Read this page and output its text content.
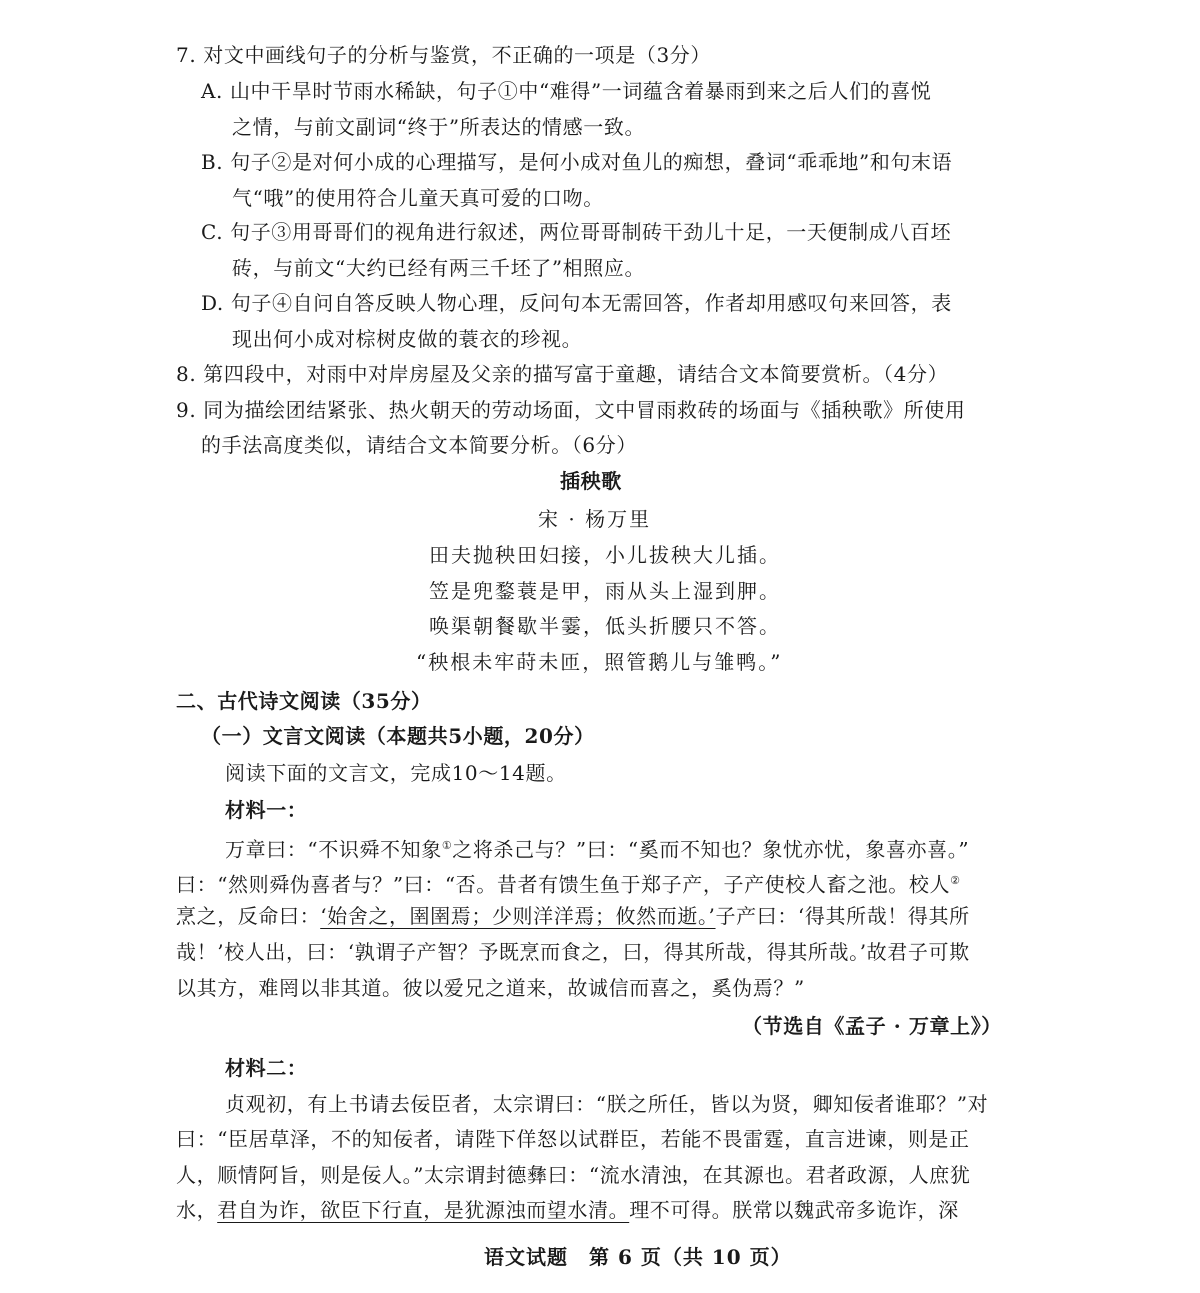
7. 对文中画线句子的分析与鉴赏，不正确的一项是（3分）
A. 山中干旱时节雨水稀缺，句子①中“难得”一词蕴含着暴雨到来之后人们的喜悦
之情，与前文副词“终于”所表达的情感一致。
B. 句子②是对何小成的心理描写，是何小成对鱼儿的痴想，叠词“乖乖地”和句末语
气“哦”的使用符合儿童天真可爱的口吻。
C. 句子③用哥哥们的视角进行叙述，两位哥哥制砖干劲儿十足，一天便制成八百坯
砖，与前文“大约已经有两三千坯了”相照应。
D. 句子④自问自答反映人物心理，反问句本无需回答，作者却用感叹句来回答，表
现出何小成对棕树皮做的蓑衣的珍视。
8. 第四段中，对雨中对岸房屋及父亲的描写富于童趣，请结合文本简要赏析。（4分）
9. 同为描绘团结紧张、热火朝天的劳动场面，文中冒雨救砖的场面与《插秧歌》所使用
的手法高度类似，请结合文本简要分析。（6分）
插秧歌
宋 · 杨万里
田夫抛秧田妇接，小儿拔秧大儿插。
笠是兜鍪蓑是甲，雨从头上湿到胛。
唤渠朝餐歇半霎，低头折腰只不答。
“秧根未牢莳未匝，照管鹅儿与雏鸭。”
二、古代诗文阅读（35分）
（一）文言文阅读（本题共5小题，20分）
阅读下面的文言文，完成10～14题。
材料一：
万章曰：“不识舜不知象①之将杀己与？”曰：“奚而不知也？象忧亦忧，象喜亦喜。”
曰：“然则舜伪喜者与？”曰：“否。昔者有馈生鱼于郑子产，子产使校人畜之池。校人②
烹之，反命曰：‘始舍之，圉圉焉；少则洋洋焉；攸然而逝。’子产曰：‘得其所哉！得其所
哉！’校人出，曰：‘孰谓子产智？予既烹而食之，曰，得其所哉，得其所哉。’故君子可欺
以其方，难罔以非其道。彼以爱兄之道来，故诚信而喜之，奚伪焉？”
（节选自《孟子 · 万章上》）
材料二：
贞观初，有上书请去佞臣者，太宗谓曰：“朕之所任，皆以为贤，卿知佞者谁耶？”对
曰：“臣居草泽，不的知佞者，请陛下佯怒以试群臣，若能不畏雷霆，直言进谏，则是正
人，顺情阿旨，则是佞人。”太宗谓封德彝曰：“流水清浊，在其源也。君者政源，人庶犹
水，君自为诈，欲臣下行直，是犹源浊而望水清。理不可得。朕常以魏武帝多诡诈，深
语文试题　第 6 页（共 10 页）
